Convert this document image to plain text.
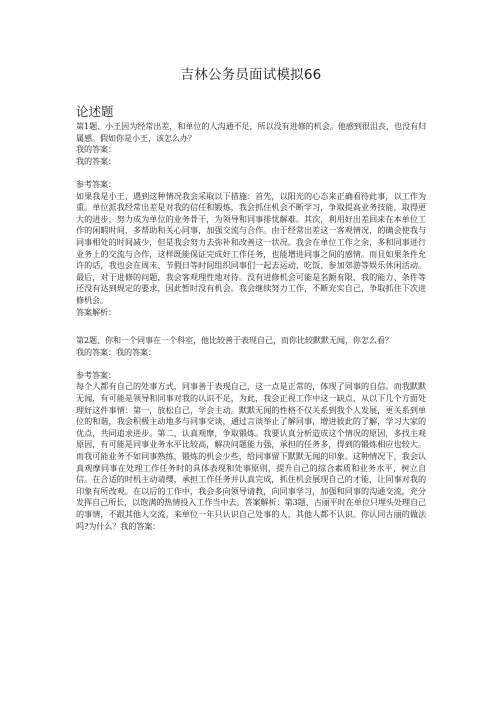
吉林公务员面试模拟66
论述题

第1题、小王因为经常出差，和单位的人沟通不足，所以没有进修的机会。他感到很沮丧，也没有归属感。假如你是小王，该怎么办？

我的答案：

我的答案：

参考答案：

如果我是小王，遇到这种情况我会采取以下措施：首先，以阳光的心态来正确看待此事，以工作为重。单位派我经常出差是对我的信任和锻炼，我会抓住机会不断学习，争取提高业务技能，取得更大的进步，努力成为单位的业务骨干，为领导和同事排忧解难。其次，利用好出差回来在本单位工作的闲暇时间，多帮助和关心同事，加强交流与合作。由于经常出差这一客观情况，的确会使我与同事相处的时间减少，但是我会努力去弥补和改善这一状况。我会在单位工作之余，多和同事进行业务上的交流与合作，这样既能保证完成好工作任务，也能增进同事之间的感情。而且如果条件允许的话，我也会在周末、节假日等时间组织同事们一起去运动、吃饭、参加郊游等娱乐休闲活动。最后，对于进修的问题，我会客观理性地对待。没有进修机会可能是名额有限，我的能力、条件等还没有达到规定的要求，因此暂时没有机会。我会继续努力工作，不断充实自己，争取抓住下次进修机会。

答案解析：

第2题、你和一个同事在一个科室，他比较善于表现自己，而你比较默默无闻，你怎么看？

我的答案：我的答案：

参考答案：

每个人都有自己的处事方式，同事善于表现自己，这一点是正常的，体现了同事的自信。而我默默无闻，有可能是领导和同事对我的认识不足，为此，我会正视工作中这一缺点，从以下几个方面处理好这件事情：第一，放松自己，学会主动。默默无闻的性格不仅关系到我个人发展，更关系到单位的和谐，我会积极主动地多与同事交谈，通过言谈举止了解同事，增进彼此的了解，学习大家的优点，共同追求进步。第二，认真观摩，争取锻炼。我要认真分析造成这个情况的原因，多找主观原因，有可能是同事业务水平比较高，解决问题能力强，承担的任务多，得到的锻炼相应也较大。而我可能业务不如同事熟练，锻炼的机会少些，给同事留下默默无闻的印象。这种情况下，我会认真观摩同事在处理工作任务时的具体表现和处事原则，提升自己的综合素质和业务水平，树立自信。在合适的时机主动请缨，承担工作任务并认真完成，抓住机会展现自己的才能，让同事对我的印象有所改观。在以后的工作中，我会多向领导请教，向同事学习，加强和同事的沟通交流，充分发挥自己所长，以饱满的热情投入工作当中去。答案解析：第3题、古丽平时在单位只埋头处理自己的事情，不跟其他人交流，来单位一年只认识自己处事的人，其他人都不认识。你认同古丽的做法吗?为什么？我的答案：
